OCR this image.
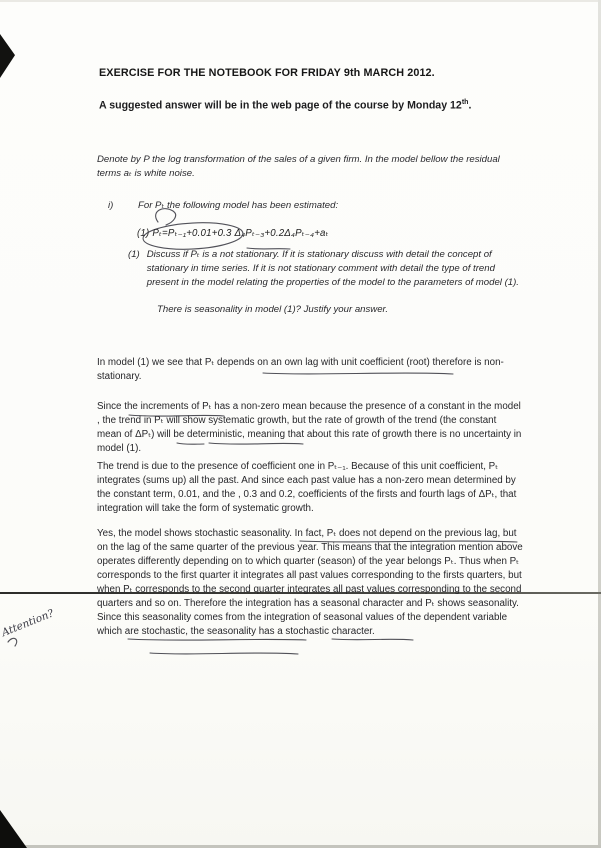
EXERCISE FOR THE NOTEBOOK FOR FRIDAY 9th MARCH 2012.

A suggested answer will be in the web page of the course by Monday 12th.

Denote by P the log transformation of the sales of a given firm. In the model bellow the residual terms aₜ is white noise.

i)	For Pₜ the following model has been estimated:

(1) Pₜ=Pₜ₋₁+0.01+0.3 Δ₄Pₜ₋₃+0.2Δ₄Pₜ₋₄+aₜ

(1) Discuss if Pₜ is a not stationary. If it is stationary discuss with detail the concept of stationary in time series. If it is not stationary comment with detail the type of trend present in the model relating the properties of the model to the parameters of model (1).

There is seasonality in model (1)? Justify your answer.

In model (1) we see that Pₜ depends on an own lag with unit coefficient (root) therefore is non-stationary.

Since the increments of Pₜ has a non-zero mean because the presence of a constant in the model , the trend in Pₜ will show systematic growth, but the rate of growth of the trend (the constant mean of ΔPₜ) will be deterministic, meaning that about this rate of growth there is no uncertainty in model (1).

The trend is due to the presence of coefficient one in Pₜ₋₁. Because of this unit coefficient, Pₜ integrates (sums up) all the past. And since each past value has a non-zero mean determined by the constant term, 0.01, and the , 0.3 and 0.2, coefficients of the firsts and fourth lags of ΔPₜ, that integration will take the form of systematic growth.

Yes, the model shows stochastic seasonality. In fact, Pₜ does not depend on the previous lag, but on the lag of the same quarter of the previous year. This means that the integration mention above operates differently depending on to which quarter (season) of the year belongs Pₜ. Thus when Pₜ corresponds to the first quarter it integrates all past values corresponding to the firsts quarters, but when Pₜ corresponds to the second quarter integrates all past values corresponding to the second quarters and so on. Therefore the integration has a seasonal character and Pₜ shows seasonality. Since this seasonality comes from the integration of seasonal values of the dependent variable which are stochastic, the seasonality has a stochastic character.

Attention?
